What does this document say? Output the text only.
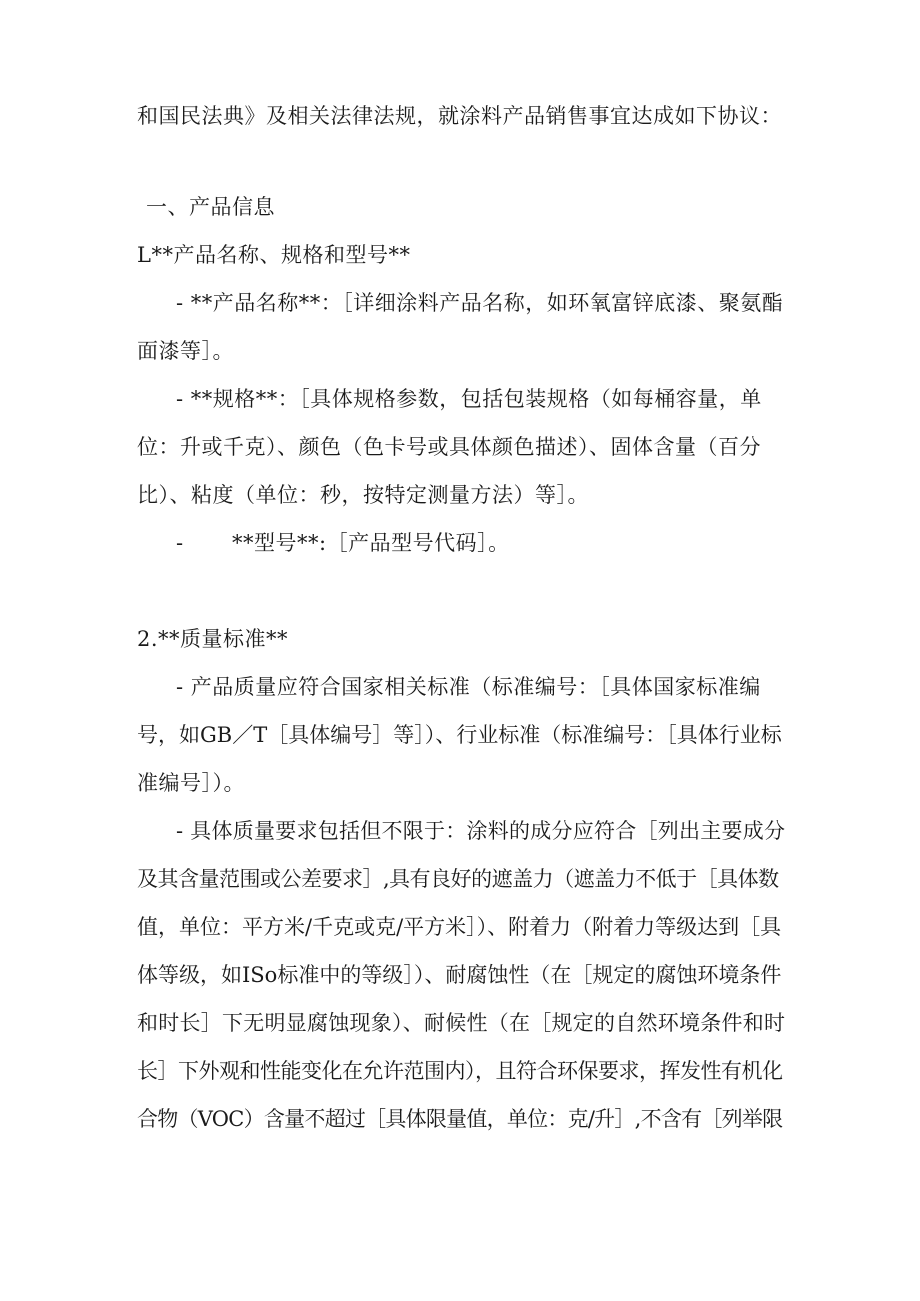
和国民法典》及相关法律法规，就涂料产品销售事宜达成如下协议：
一、产品信息
L**产品名称、规格和型号**
- **产品名称**：［详细涂料产品名称，如环氧富锌底漆、聚氨酯
面漆等］。
- **规格**：［具体规格参数，包括包装规格（如每桶容量，单
位：升或千克）、颜色（色卡号或具体颜色描述）、固体含量（百分
比）、粘度（单位：秒，按特定测量方法）等］。
- **型号**:［产品型号代码］。
2.**质量标准**
- 产品质量应符合国家相关标准（标准编号：［具体国家标准编
号，如GB／T［具体编号］等］）、行业标准（标准编号：［具体行业标
准编号］）。
- 具体质量要求包括但不限于：涂料的成分应符合［列出主要成分
及其含量范围或公差要求］,具有良好的遮盖力（遮盖力不低于［具体数
值，单位：平方米/千克或克/平方米］）、附着力（附着力等级达到［具
体等级，如ISo标准中的等级］）、耐腐蚀性（在［规定的腐蚀环境条件
和时长］下无明显腐蚀现象）、耐候性（在［规定的自然环境条件和时
长］下外观和性能变化在允许范围内），且符合环保要求，挥发性有机化
合物（VOC）含量不超过［具体限量值，单位：克/升］,不含有［列举限
